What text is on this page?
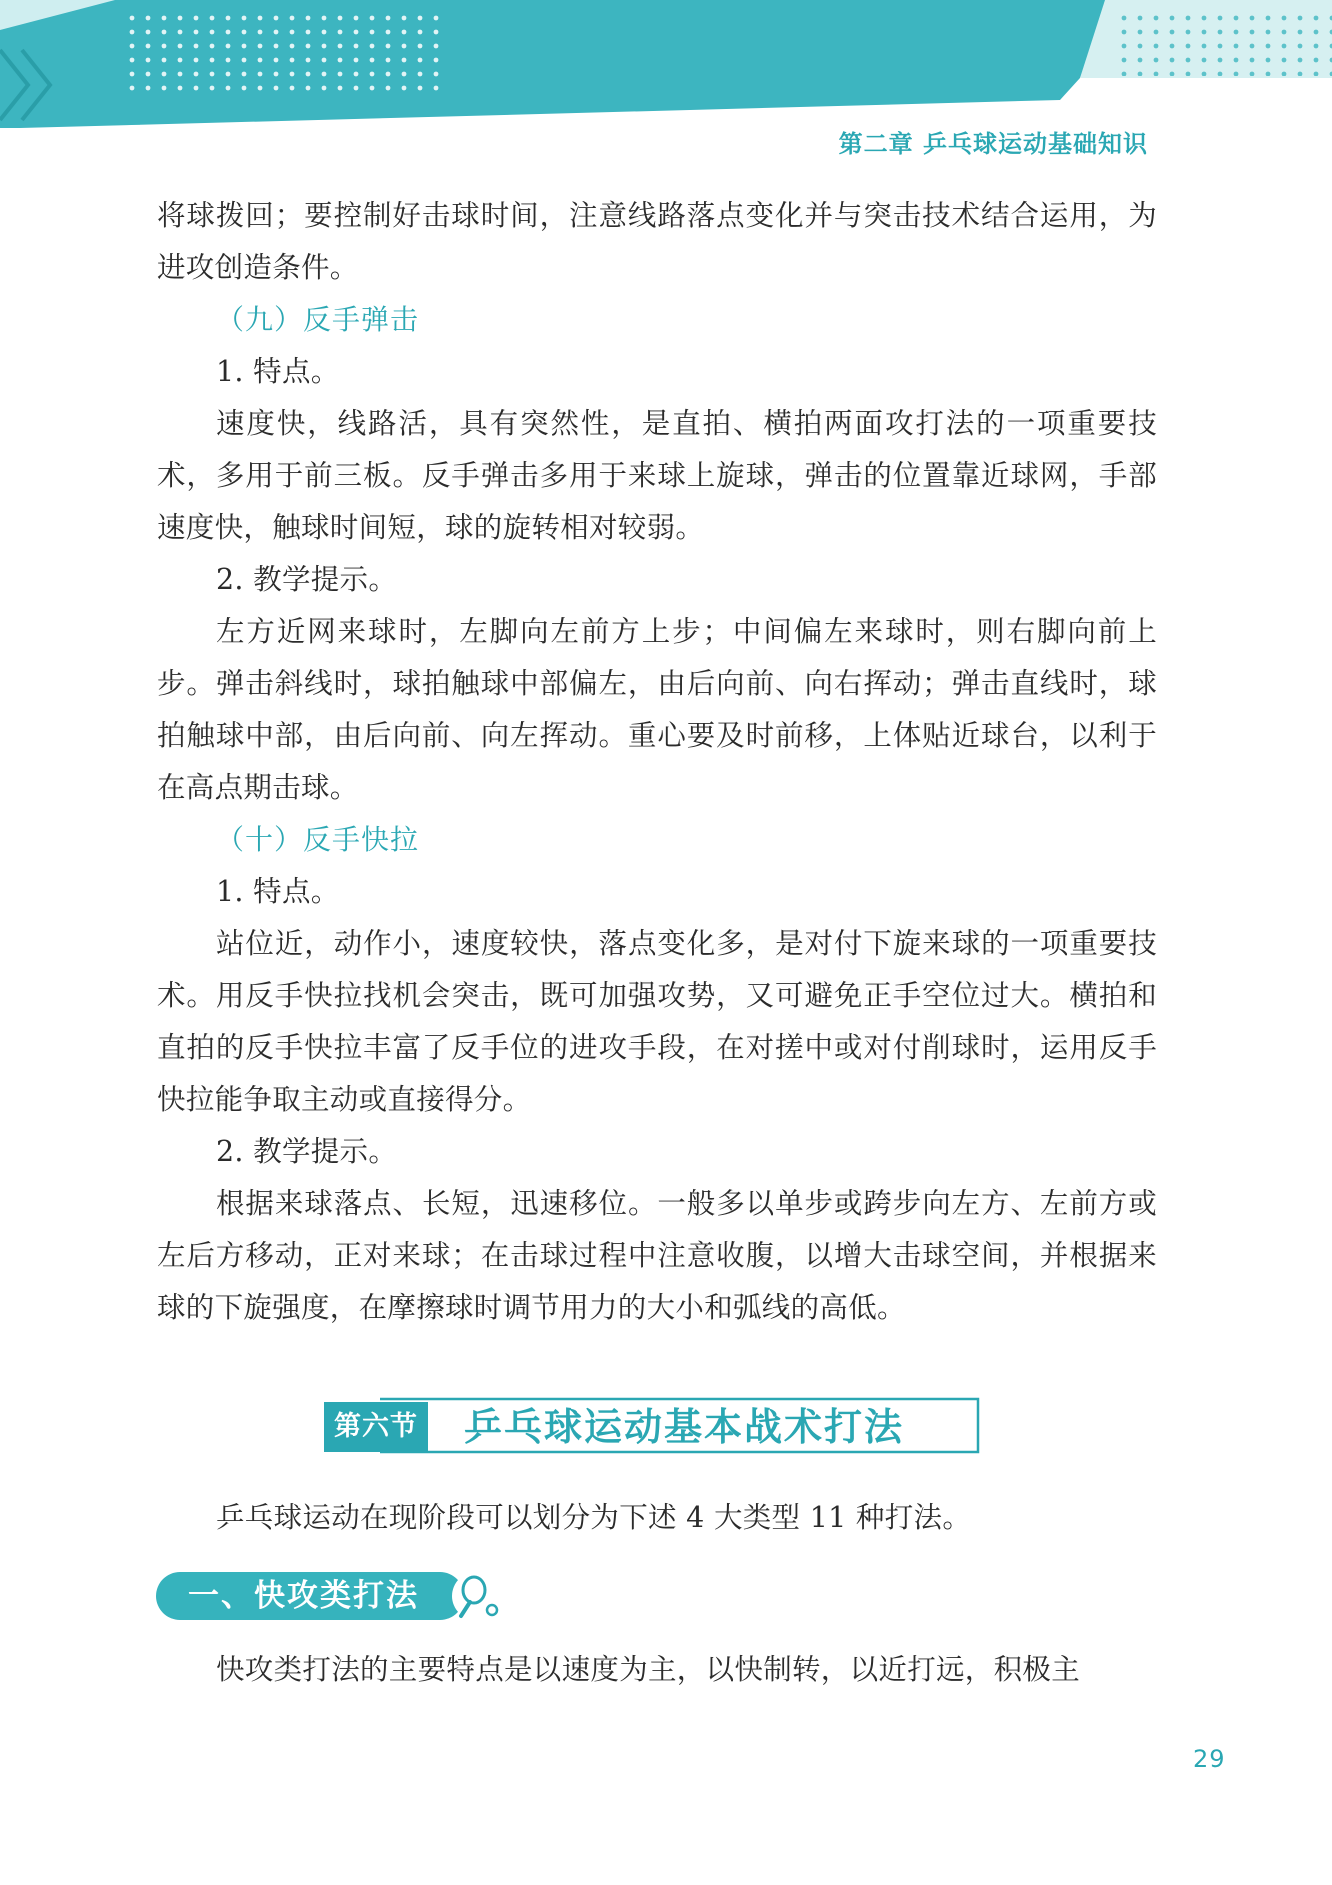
第二章 乒乓球运动基础知识

将球拨回；要控制好击球时间，注意线路落点变化并与突击技术结合运用，为进攻创造条件。

（九）反手弹击

1. 特点。

速度快，线路活，具有突然性，是直拍、横拍两面攻打法的一项重要技术，多用于前三板。反手弹击多用于来球上旋球，弹击的位置靠近球网，手部速度快，触球时间短，球的旋转相对较弱。

2. 教学提示。

左方近网来球时，左脚向左前方上步；中间偏左来球时，则右脚向前上步。弹击斜线时，球拍触球中部偏左，由后向前、向右挥动；弹击直线时，球拍触球中部，由后向前、向左挥动。重心要及时前移，上体贴近球台，以利于在高点期击球。

（十）反手快拉

1. 特点。

站位近，动作小，速度较快，落点变化多，是对付下旋来球的一项重要技术。用反手快拉找机会突击，既可加强攻势，又可避免正手空位过大。横拍和直拍的反手快拉丰富了反手位的进攻手段，在对搓中或对付削球时，运用反手快拉能争取主动或直接得分。

2. 教学提示。

根据来球落点、长短，迅速移位。一般多以单步或跨步向左方、左前方或左后方移动，正对来球；在击球过程中注意收腹，以增大击球空间，并根据来球的下旋强度，在摩擦球时调节用力的大小和弧线的高低。

第六节 乒乓球运动基本战术打法

乒乓球运动在现阶段可以划分为下述 4 大类型 11 种打法。

一、快攻类打法

快攻类打法的主要特点是以速度为主，以快制转，以近打远，积极主

29
